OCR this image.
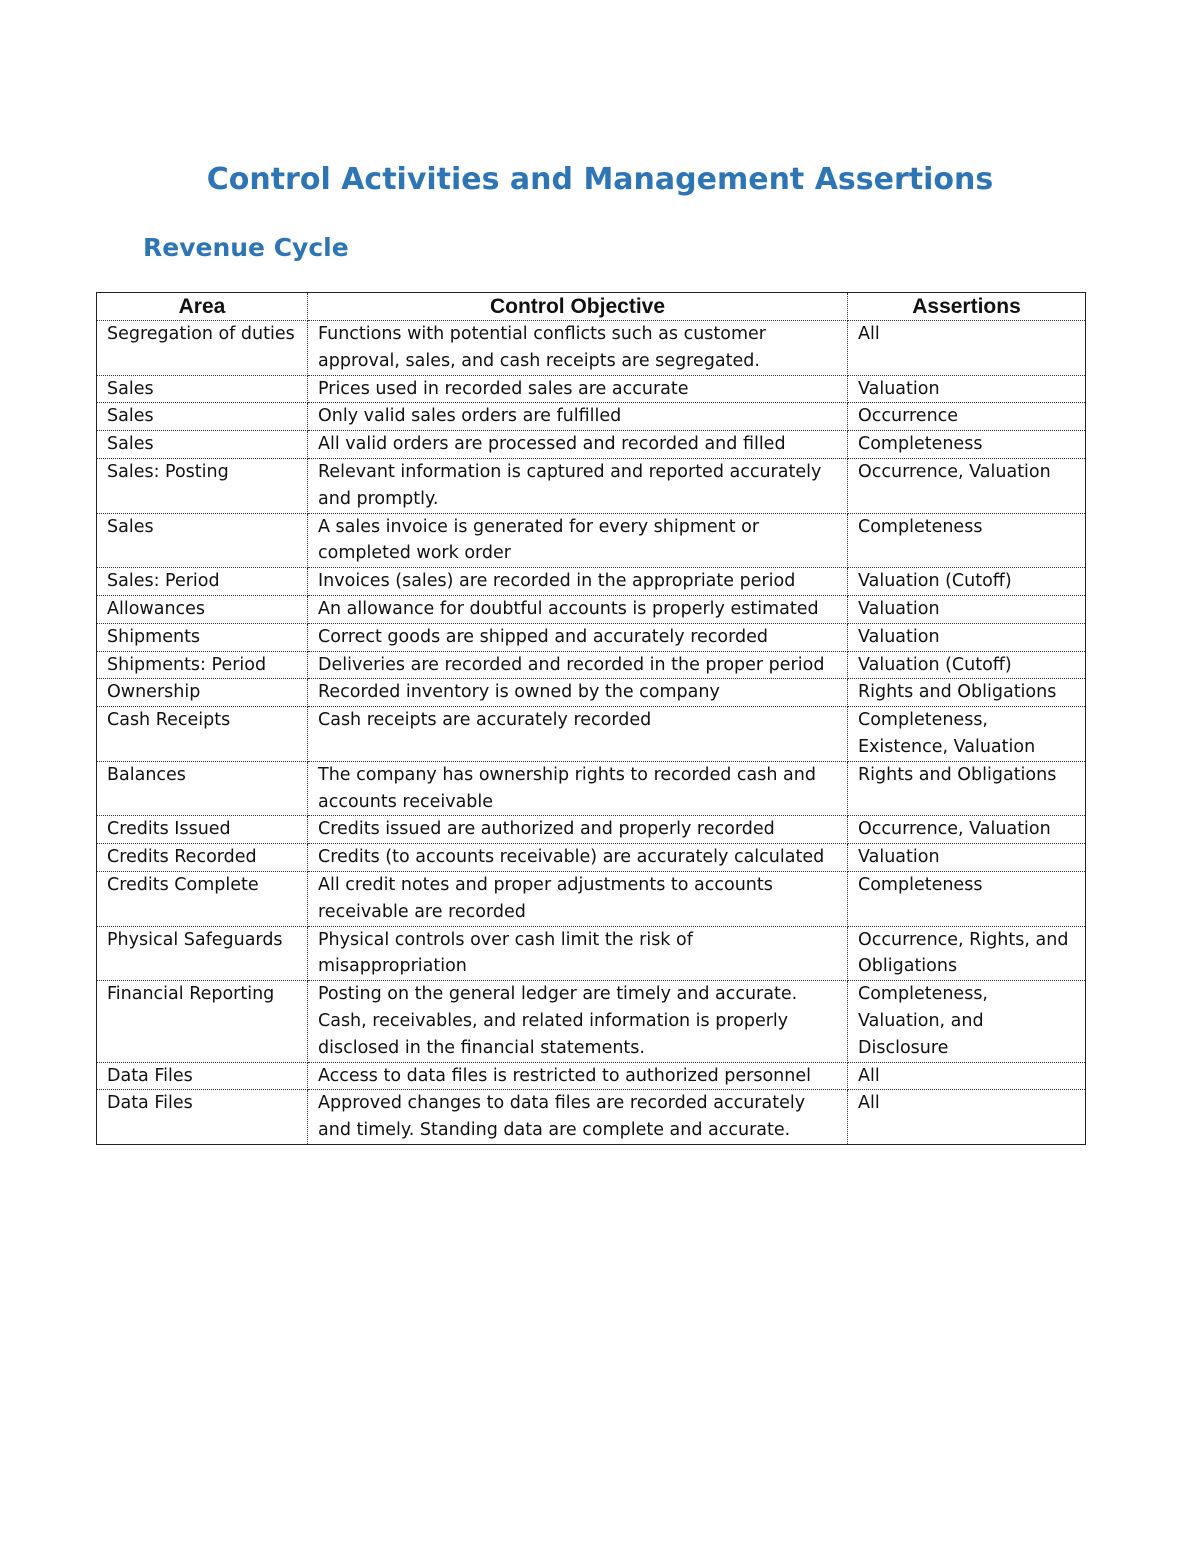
Control Activities and Management Assertions
Revenue Cycle
Area	Control Objective	Assertions
Segregation of duties	Functions with potential conflicts such as customer approval, sales, and cash receipts are segregated.	All
Sales	Prices used in recorded sales are accurate	Valuation
Sales	Only valid sales orders are fulfilled	Occurrence
Sales	All valid orders are processed and recorded and filled	Completeness
Sales: Posting	Relevant information is captured and reported accurately and promptly.	Occurrence, Valuation
Sales	A sales invoice is generated for every shipment or completed work order	Completeness
Sales: Period	Invoices (sales) are recorded in the appropriate period	Valuation (Cutoff)
Allowances	An allowance for doubtful accounts is properly estimated	Valuation
Shipments	Correct goods are shipped and accurately recorded	Valuation
Shipments: Period	Deliveries are recorded and recorded in the proper period	Valuation (Cutoff)
Ownership	Recorded inventory is owned by the company	Rights and Obligations
Cash Receipts	Cash receipts are accurately recorded	Completeness, Existence, Valuation
Balances	The company has ownership rights to recorded cash and accounts receivable	Rights and Obligations
Credits Issued	Credits issued are authorized and properly recorded	Occurrence, Valuation
Credits Recorded	Credits (to accounts receivable) are accurately calculated	Valuation
Credits Complete	All credit notes and proper adjustments to accounts receivable are recorded	Completeness
Physical Safeguards	Physical controls over cash limit the risk of misappropriation	Occurrence, Rights, and Obligations
Financial Reporting	Posting on the general ledger are timely and accurate. Cash, receivables, and related information is properly disclosed in the financial statements.	Completeness, Valuation, and Disclosure
Data Files	Access to data files is restricted to authorized personnel	All
Data Files	Approved changes to data files are recorded accurately and timely. Standing data are complete and accurate.	All
